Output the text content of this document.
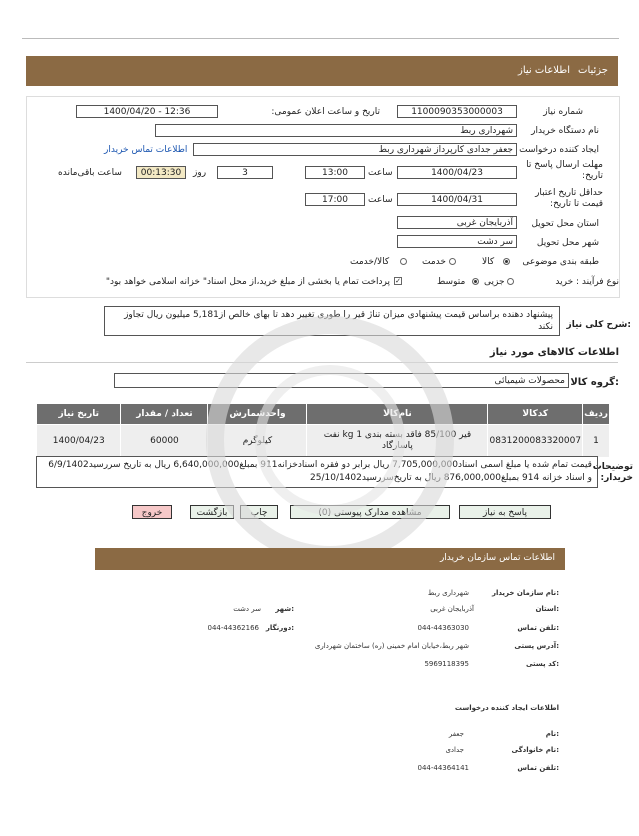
جزئیات
اطلاعات نیاز
شماره نیاز
1100090353000003
تاریخ و ساعت اعلان عمومی:
1400/04/20 - 12:36
نام دستگاه خریدار
شهرداری ربط
ایجاد کننده درخواست
جعفر جدادی کارپرداز شهرداری ربط
اطلاعات تماس خریدار
مهلت ارسال پاسخ تا تاریخ:
1400/04/23
ساعت
13:00
3
روز
00:13:30
ساعت باقی‌مانده
حداقل تاریخ اعتبار قیمت تا تاریخ:
1400/04/31
ساعت
17:00
استان محل تحویل
آذربایجان غربی
شهر محل تحویل
سر دشت
طبقه بندی موضوعی
کالا
خدمت
کالا/خدمت
نوع فرآیند : خرید
جزیی
متوسط
✓
پرداخت تمام یا بخشی از مبلغ خرید،از محل اسناد" خزانه اسلامی خواهد بود"
شرح کلی نیاز:
پیشنهاد دهنده براساس قیمت پیشنهادی میزان تناژ قیر را طوری تغییر دهد تا بهای خالص از5,181 میلیون ریال تجاوز نکند
اطلاعات کالاهای مورد نیاز
گروه کالا:
محصولات شیمیائی
ردیف	کدکالا	نام‌کالا	واحدشمارش	تعداد / مقدار	تاریخ نیاز
1	0831200083320007	قیر 85/100 فاقد بسته بندی 1 kg نفت پاسارگاد	کیلوگرم	60000	1400/04/23
توضیحات خریدار:
قیمت تمام شده یا مبلغ اسمی اسناد7,705,000,000 ریال برابر دو فقره اسنادخزانه911 بمبلغ6,640,000,000 ریال به تاریخ سررسید6/9/1402 و اسناد خزانه 914 بمبلغ876,000,000 ریال به تاریخ‌سررسید25/10/1402
پاسخ به نیاز
مشاهده مدارک پیوستی (0)
چاپ
بازگشت
خروج
اطلاعات تماس سازمان خریدار
نام سازمان خریدار:
شهرداری ربط
استان:
آذربایجان غربی
شهر:
سر دشت
تلفن تماس:
044-44363030
دورنگار:
044-44362166
آدرس پستی:
شهر ربط،خیابان امام خمینی (ره) ساختمان شهرداری
کد پستی:
5969118395
اطلاعات ایجاد کننده درخواست
نام:
جعفر
نام خانوادگی:
جدادی
تلفن تماس:
044-44364141
